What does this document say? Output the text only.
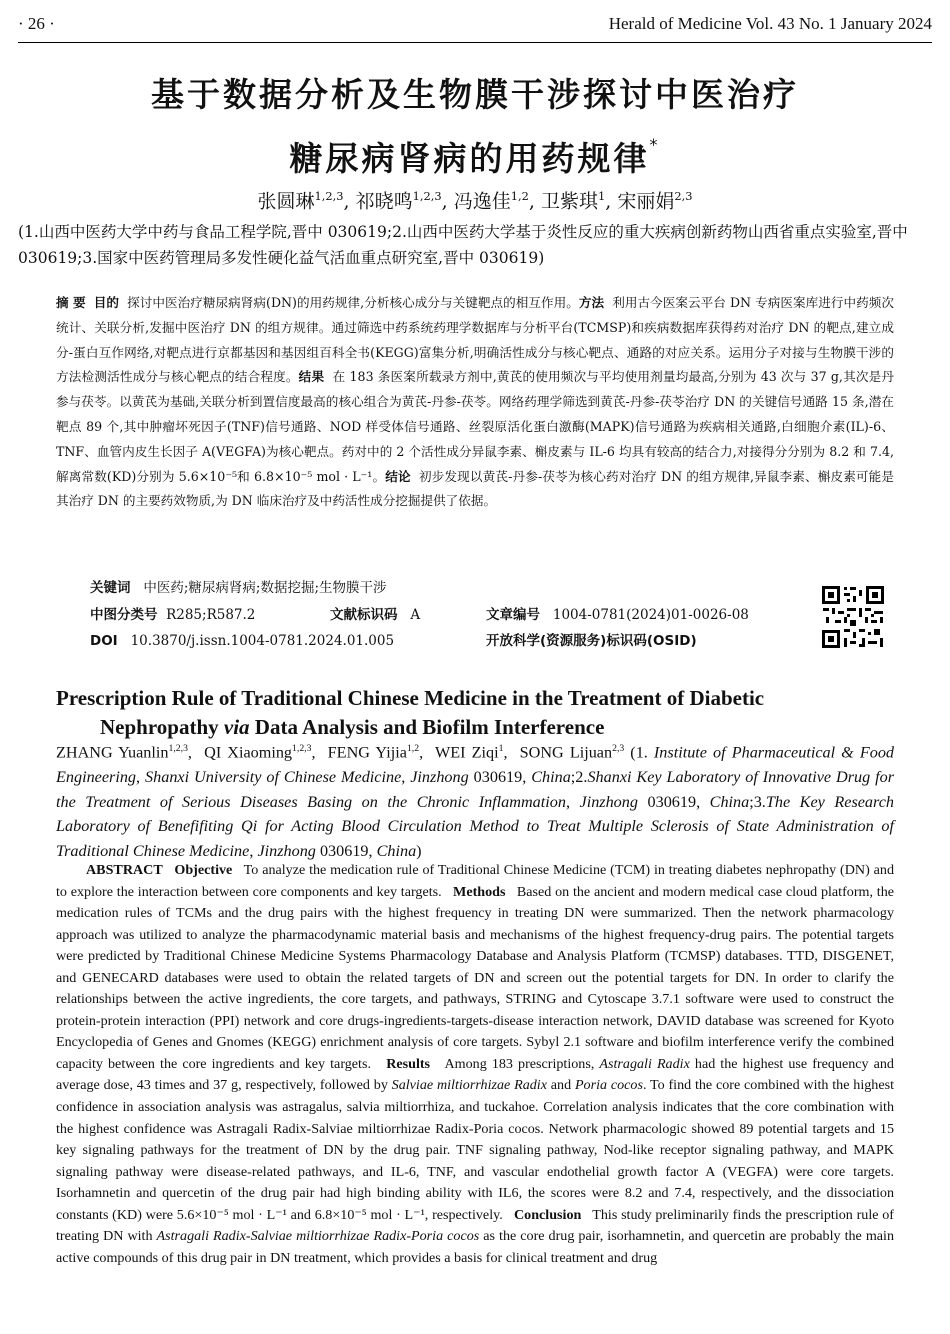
· 26 ·	Herald of Medicine Vol. 43 No. 1 January 2024
基于数据分析及生物膜干涉探讨中医治疗
糖尿病肾病的用药规律*
张圆琳$^{1,2,3}$, 祁晓鸣$^{1,2,3}$, 冯逸佳$^{1,2}$, 卫紫琪$^1$, 宋丽娟$^{2,3}$
(1.山西中医药大学中药与食品工程学院,晋中 030619;2.山西中医药大学基于炎性反应的重大疾病创新药物山西省重点实验室,晋中 030619;3.国家中医药管理局多发性硬化益气活血重点研究室,晋中 030619)
摘 要 目的 探讨中医治疗糖尿病肾病(DN)的用药规律,分析核心成分与关键靶点的相互作用。方法 利用古今医案云平台 DN 专病医案库进行中药频次统计、关联分析,发掘中医治疗 DN 的组方规律。通过筛选中药系统药理学数据库与分析平台(TCMSP)和疾病数据库获得药对治疗 DN 的靶点,建立成分-蛋白互作网络,对靶点进行京都基因和基因组百科全书(KEGG)富集分析,明确活性成分与核心靶点、通路的对应关系。运用分子对接与生物膜干涉的方法检测活性成分与核心靶点的结合程度。结果 在 183 条医案所载录方剂中,黄芪的使用频次与平均使用剂量均最高,分别为 43 次与 37 g,其次是丹参与茯苓。以黄芪为基础,关联分析到置信度最高的核心组合为黄芪-丹参-茯苓。网络药理学筛选到黄芪-丹参-茯苓治疗 DN 的关键信号通路 15 条,潜在靶点 89 个,其中肿瘤坏死因子(TNF)信号通路、NOD 样受体信号通路、丝裂原活化蛋白激酶(MAPK)信号通路为疾病相关通路,白细胞介素(IL)-6、TNF、血管内皮生长因子 A(VEGFA)为核心靶点。药对中的 2 个活性成分异鼠李素、槲皮素与 IL-6 均具有较高的结合力,对接得分分别为 8.2 和 7.4,解离常数(KD)分别为 5.6×10⁻⁵和 6.8×10⁻⁵ mol · L⁻¹。结论 初步发现以黄芪-丹参-茯苓为核心药对治疗 DN 的组方规律,异鼠李素、槲皮素可能是其治疗 DN 的主要药效物质,为 DN 临床治疗及中药活性成分挖掘提供了依据。
关键词 中医药;糖尿病肾病;数据挖掘;生物膜干涉
中图分类号 R285;R587.2	文献标识码 A	文章编号 1004-0781(2024)01-0026-08
DOI 10.3870/j.issn.1004-0781.2024.01.005	开放科学(资源服务)标识码(OSID)
Prescription Rule of Traditional Chinese Medicine in the Treatment of Diabetic
Nephropathy via Data Analysis and Biofilm Interference
ZHANG Yuanlin$^{1,2,3}$,  QI Xiaoming$^{1,2,3}$,  FENG Yijia$^{1,2}$,  WEI Ziqi$^1$,  SONG Lijuan$^{2,3}$ (1. Institute of Pharmaceutical & Food Engineering, Shanxi University of Chinese Medicine, Jinzhong 030619, China;2.Shanxi Key Laboratory of Innovative Drug for the Treatment of Serious Diseases Basing on the Chronic Inflammation, Jinzhong 030619, China;3.The Key Research Laboratory of Benefifiting Qi for Acting Blood Circulation Method to Treat Multiple Sclerosis of State Administration of Traditional Chinese Medicine, Jinzhong 030619, China)
ABSTRACT Objective To analyze the medication rule of Traditional Chinese Medicine (TCM) in treating diabetes nephropathy (DN) and to explore the interaction between core components and key targets. Methods Based on the ancient and modern medical case cloud platform, the medication rules of TCMs and the drug pairs with the highest frequency in treating DN were summarized. Then the network pharmacology approach was utilized to analyze the pharmacodynamic material basis and mechanisms of the highest frequency-drug pairs. The potential targets were predicted by Traditional Chinese Medicine Systems Pharmacology Database and Analysis Platform (TCMSP) databases. TTD, DISGENET, and GENECARD databases were used to obtain the related targets of DN and screen out the potential targets for DN. In order to clarify the relationships between the active ingredients, the core targets, and pathways, STRING and Cytoscape 3.7.1 software were used to construct the protein-protein interaction (PPI) network and core drugs-ingredients-targets-disease interaction network, DAVID database was screened for Kyoto Encyclopedia of Genes and Gnomes (KEGG) enrichment analysis of core targets. Sybyl 2.1 software and biofilm interference verify the combined capacity between the core ingredients and key targets. Results Among 183 prescriptions, Astragali Radix had the highest use frequency and average dose, 43 times and 37 g, respectively, followed by Salviae miltiorrhizae Radix and Poria cocos. To find the core combined with the highest confidence in association analysis was astragalus, salvia miltiorrhiza, and tuckahoe. Correlation analysis indicates that the core combination with the highest confidence was Astragali Radix-Salviae miltiorrhizae Radix-Poria cocos. Network pharmacologic showed 89 potential targets and 15 key signaling pathways for the treatment of DN by the drug pair. TNF signaling pathway, Nod-like receptor signaling pathway, and MAPK signaling pathway were disease-related pathways, and IL-6, TNF, and vascular endothelial growth factor A (VEGFA) were core targets. Isorhamnetin and quercetin of the drug pair had high binding ability with IL6, the scores were 8.2 and 7.4, respectively, and the dissociation constants (KD) were 5.6×10⁻⁵ mol · L⁻¹ and 6.8×10⁻⁵ mol · L⁻¹, respectively. Conclusion This study preliminarily finds the prescription rule of treating DN with Astragali Radix-Salviae miltiorrhizae Radix-Poria cocos as the core drug pair, isorhamnetin, and quercetin are probably the main active compounds of this drug pair in DN treatment, which provides a basis for clinical treatment and drug
